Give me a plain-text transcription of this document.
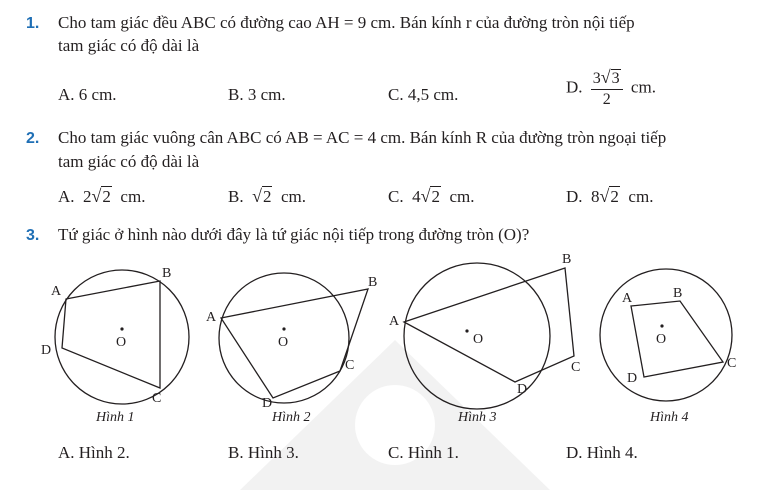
1. Cho tam giác đều ABC có đường cao AH = 9 cm. Bán kính r của đường tròn nội tiếp
tam giác có độ dài là
A. 6 cm.	B. 3 cm.	C. 4,5 cm.	D. $\frac{3√3}{2}$ cm.
2. Cho tam giác vuông cân ABC có AB = AC = 4 cm. Bán kính R của đường tròn ngoại tiếp
tam giác có độ dài là
A. 2√2 cm.	B. √2 cm.	C. 4√2 cm.	D. 8√2 cm.
3. Tứ giác ở hình nào dưới đây là tứ giác nội tiếp trong đường tròn (O)?
A
B
C
D
O
Hình 1
A
B
C
D
O
Hình 2
A
B
C
D
O
Hình 3
A	B
C
D
O
Hình 4
A. Hình 2.	B. Hình 3.	C. Hình 1.	D. Hình 4.
